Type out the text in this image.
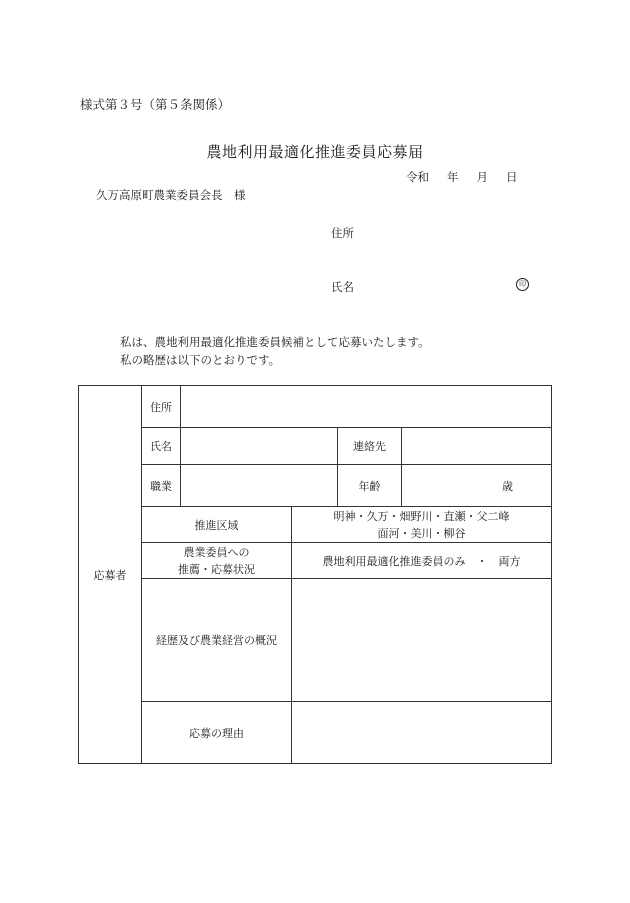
様式第３号（第５条関係）
農地利用最適化推進委員応募届
令和 年 月 日
久万高原町農業委員会長　様
住所
氏名	印
私は、農地利用最適化推進委員候補として応募いたします。
私の略歴は以下のとおりです。
応募者	住所				
	氏名			連絡先	
	職業			年齢	歳
	推進区域		明神・久万・畑野川・直瀬・父二峰
面河・美川・柳谷		

	農業委員への
推薦・応募状況		農地利用最適化推進委員のみ　・　両方		
	経歴及び農業経営の概況				
	応募の理由				
